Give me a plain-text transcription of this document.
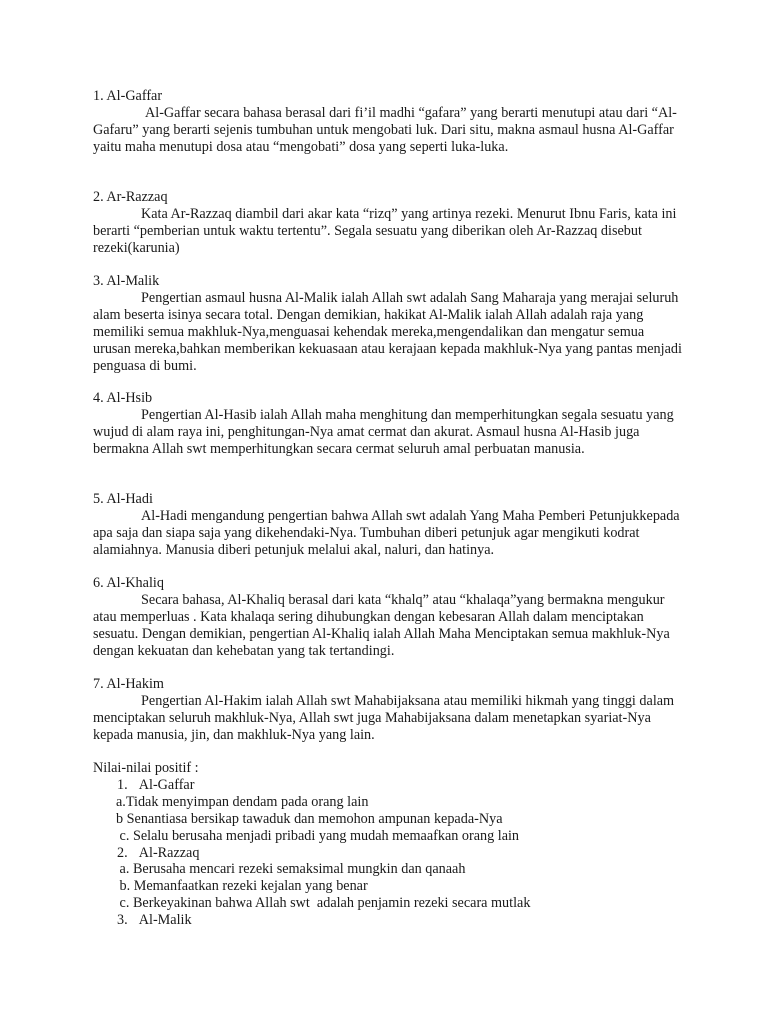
1. Al-Gaffar
Al-Gaffar secara bahasa berasal dari fi’il madhi “gafara” yang berarti menutupi atau dari “Al-Gafaru” yang berarti sejenis tumbuhan untuk mengobati luk. Dari situ, makna asmaul husna Al-Gaffar yaitu maha menutupi dosa atau “mengobati” dosa yang seperti luka-luka.
2. Ar-Razzaq
Kata Ar-Razzaq diambil dari akar kata “rizq” yang artinya rezeki. Menurut Ibnu Faris, kata ini berarti “pemberian untuk waktu tertentu”. Segala sesuatu yang diberikan oleh Ar-Razzaq disebut rezeki(karunia)
3. Al-Malik
Pengertian asmaul husna Al-Malik ialah Allah swt adalah Sang Maharaja yang merajai seluruh alam beserta isinya secara total. Dengan demikian, hakikat Al-Malik ialah Allah adalah raja yang memiliki semua makhluk-Nya,menguasai kehendak mereka,mengendalikan dan mengatur semua urusan mereka,bahkan memberikan kekuasaan atau kerajaan kepada makhluk-Nya yang pantas menjadi penguasa di bumi.
4. Al-Hsib
Pengertian Al-Hasib ialah Allah maha menghitung dan memperhitungkan segala sesuatu yang wujud di alam raya ini, penghitungan-Nya amat cermat dan akurat. Asmaul husna Al-Hasib juga bermakna Allah swt memperhitungkan secara cermat seluruh amal perbuatan manusia.
5. Al-Hadi
Al-Hadi mengandung pengertian bahwa Allah swt adalah Yang Maha Pemberi Petunjukkepada apa saja dan siapa saja yang dikehendaki-Nya. Tumbuhan diberi petunjuk agar mengikuti kodrat alamiahnya. Manusia diberi petunjuk melalui akal, naluri, dan hatinya.
6. Al-Khaliq
Secara bahasa, Al-Khaliq berasal dari kata “khalq” atau “khalaqa”yang bermakna mengukur atau memperluas . Kata khalaqa sering dihubungkan dengan kebesaran Allah dalam menciptakan sesuatu. Dengan demikian, pengertian Al-Khaliq ialah Allah Maha Menciptakan semua makhluk-Nya dengan kekuatan dan kehebatan yang tak tertandingi.
7. Al-Hakim
Pengertian Al-Hakim ialah Allah swt Mahabijaksana atau memiliki hikmah yang tinggi dalam menciptakan seluruh makhluk-Nya, Allah swt juga Mahabijaksana dalam menetapkan syariat-Nya kepada manusia, jin, dan makhluk-Nya yang lain.
Nilai-nilai positif :
1. Al-Gaffar
a.Tidak menyimpan dendam pada orang lain
b Senantiasa bersikap tawaduk dan memohon ampunan kepada-Nya
c. Selalu berusaha menjadi pribadi yang mudah memaafkan orang lain
2. Al-Razzaq
a. Berusaha mencari rezeki semaksimal mungkin dan qanaah
b. Memanfaatkan rezeki kejalan yang benar
c. Berkeyakinan bahwa Allah swt  adalah penjamin rezeki secara mutlak
3. Al-Malik
